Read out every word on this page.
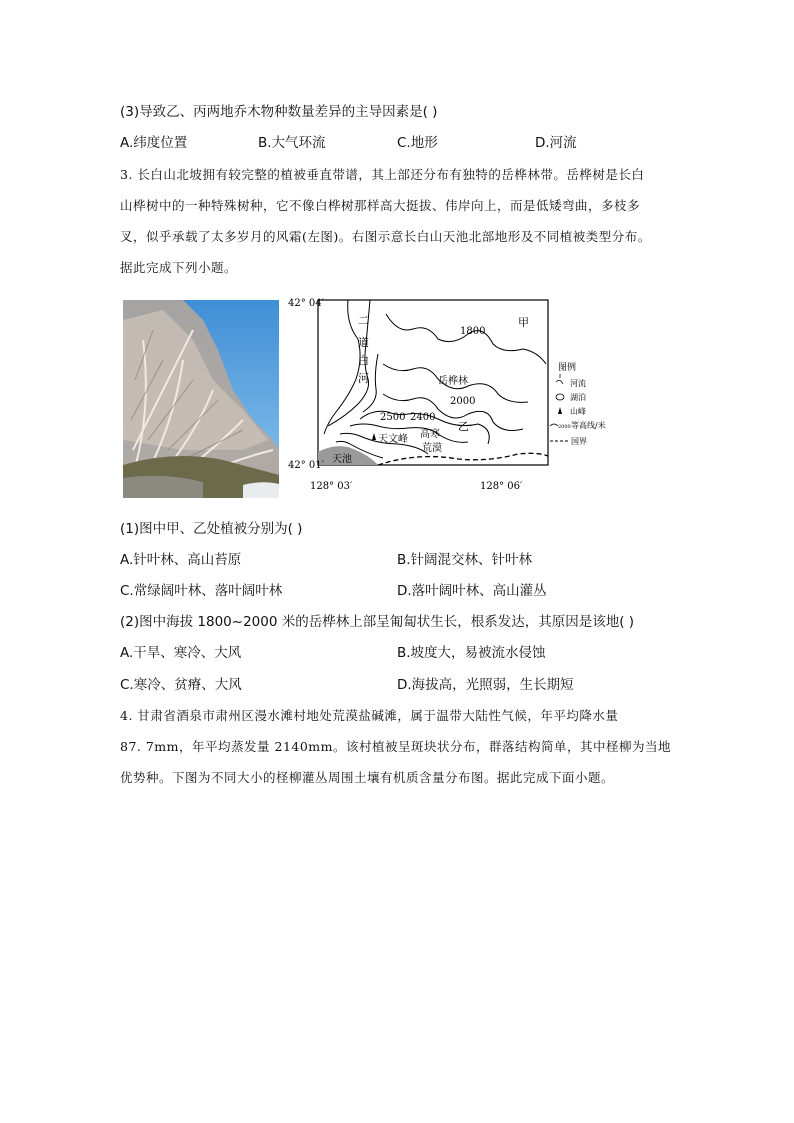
(3)导致乙、丙两地乔木物种数量差异的主导因素是( )
A.纬度位置	B.大气环流	C.地形	D.河流
3. 长白山北坡拥有较完整的植被垂直带谱，其上部还分布有独特的岳桦林带。岳桦树是长白
山桦树中的一种特殊树种，它不像白桦树那样高大挺拔、伟岸向上，而是低矮弯曲，多枝多
叉，似乎承载了太多岁月的风霜(左图)。右图示意长白山天池北部地形及不同植被类型分布。
据此完成下列小题。
42° 04′
42° 01′
128° 03′	128° 06′
二
道
白
河
甲
1800
岳桦林
2000
2400
2500
乙
天文峰 高寒
荒漠
天池
图例
河流
湖泊
山峰
2000 等高线/米
国界
(1)图中甲、乙处植被分别为( )
A.针叶林、高山苔原	B.针阔混交林、针叶林
C.常绿阔叶林、落叶阔叶林	D.落叶阔叶林、高山灌丛
(2)图中海拔 1800~2000 米的岳桦林上部呈匍匐状生长，根系发达，其原因是该地( )
A.干旱、寒冷、大风	B.坡度大，易被流水侵蚀
C.寒冷、贫瘠、大风	D.海拔高，光照弱，生长期短
4. 甘肃省酒泉市肃州区漫水滩村地处荒漠盐碱滩，属于温带大陆性气候，年平均降水量
87. 7mm，年平均蒸发量 2140mm。该村植被呈斑块状分布，群落结构简单，其中柽柳为当地
优势种。下图为不同大小的柽柳灌丛周围土壤有机质含量分布图。据此完成下面小题。
